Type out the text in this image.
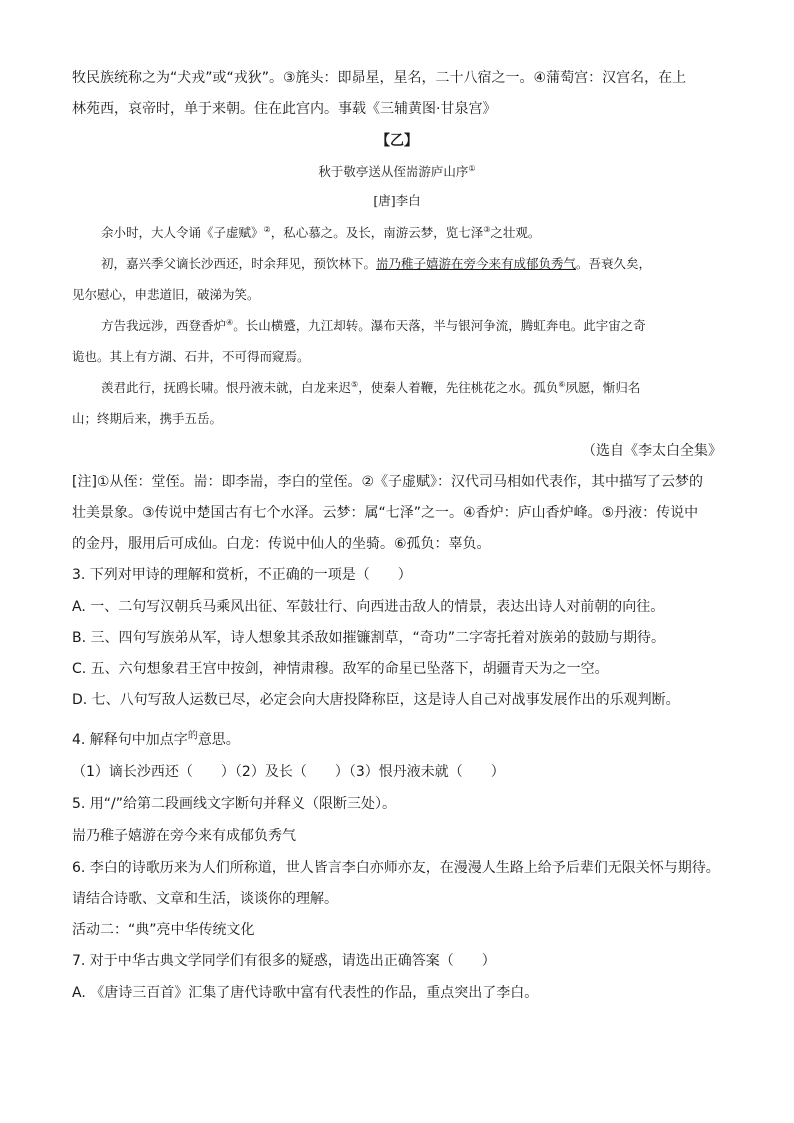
牧民族统称之为“犬戎”或“戎狄”。③旄头：即昴星，星名，二十八宿之一。④蒲萄宫：汉宫名，在上
林苑西，哀帝时，单于来朝。住在此宫内。事载《三辅黄图·甘泉宫》
【乙】
秋于敬亭送从侄耑游庐山序①
[唐]李白
余小时，大人令诵《子虚赋》②，私心慕之。及长，南游云梦，览七泽③之壮观。
初，嘉兴季父谪长沙西还，时余拜见，预饮林下。耑乃稚子嬉游在旁今来有成郁负秀气。吾衰久矣，
见尔慰心，申悲道旧，破涕为笑。
方告我远涉，西登香炉④。长山横蹙，九江却转。瀑布天落，半与银河争流，腾虹奔电。此宇宙之奇
诡也。其上有方湖、石井，不可得而窥焉。
羡君此行，抚鸥长啸。恨丹液未就，白龙来迟⑤，使秦人着鞭，先往桃花之水。孤负⑥夙愿，惭归名
山；终期后来，携手五岳。
（选自《李太白全集》
[注]①从侄：堂侄。耑：即李耑，李白的堂侄。②《子虚赋》：汉代司马相如代表作，其中描写了云梦的
壮美景象。③传说中楚国古有七个水泽。云梦：属“七泽”之一。④香炉：庐山香炉峰。⑤丹液：传说中
的金丹，服用后可成仙。白龙：传说中仙人的坐骑。⑥孤负：辜负。
3. 下列对甲诗的理解和赏析，不正确的一项是（　　）
A. 一、二句写汉朝兵马乘风出征、军鼓壮行、向西进击敌人的情景，表达出诗人对前朝的向往。
B. 三、四句写族弟从军，诗人想象其杀敌如摧镰割草，“奇功”二字寄托着对族弟的鼓励与期待。
C. 五、六句想象君王宫中按剑，神情肃穆。敌军的命星已坠落下，胡疆青天为之一空。
D. 七、八句写敌人运数已尽，必定会向大唐投降称臣，这是诗人自己对战事发展作出的乐观判断。
4. 解释句中加点字$^的$意思。
（1）谪长沙西还（　　）（2）及长（　　）（3）恨丹液未就（　　）
5. 用“/”给第二段画线文字断句并释义（限断三处）。
耑乃稚子嬉游在旁今来有成郁负秀气
6. 李白的诗歌历来为人们所称道，世人皆言李白亦师亦友，在漫漫人生路上给予后辈们无限关怀与期待。
请结合诗歌、文章和生活，谈谈你的理解。
活动二：“典”亮中华传统文化
7. 对于中华古典文学同学们有很多的疑惑，请选出正确答案（　　）
A. 《唐诗三百首》汇集了唐代诗歌中富有代表性的作品，重点突出了李白。
